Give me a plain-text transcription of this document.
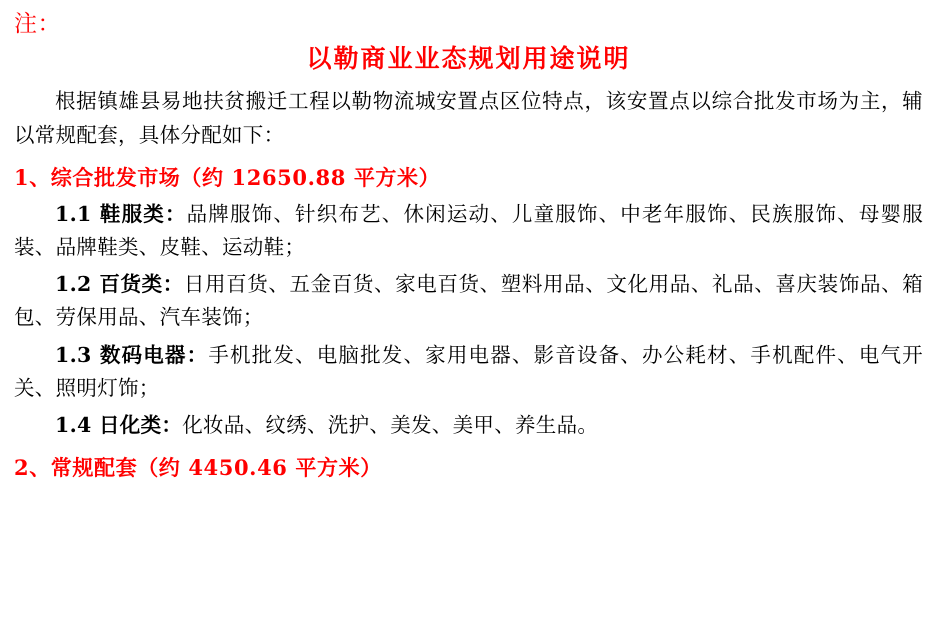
注：
以勒商业业态规划用途说明

根据镇雄县易地扶贫搬迁工程以勒物流城安置点区位特点，该安置点以综合批发市场为主，辅以常规配套，具体分配如下：

1、综合批发市场（约 12650.88 平方米）

1.1 鞋服类：品牌服饰、针织布艺、休闲运动、儿童服饰、中老年服饰、民族服饰、母婴服装、品牌鞋类、皮鞋、运动鞋；

1.2 百货类：日用百货、五金百货、家电百货、塑料用品、文化用品、礼品、喜庆装饰品、箱包、劳保用品、汽车装饰；

1.3 数码电器：手机批发、电脑批发、家用电器、影音设备、办公耗材、手机配件、电气开关、照明灯饰；

1.4 日化类：化妆品、纹绣、洗护、美发、美甲、养生品。

2、常规配套（约 4450.46 平方米）
